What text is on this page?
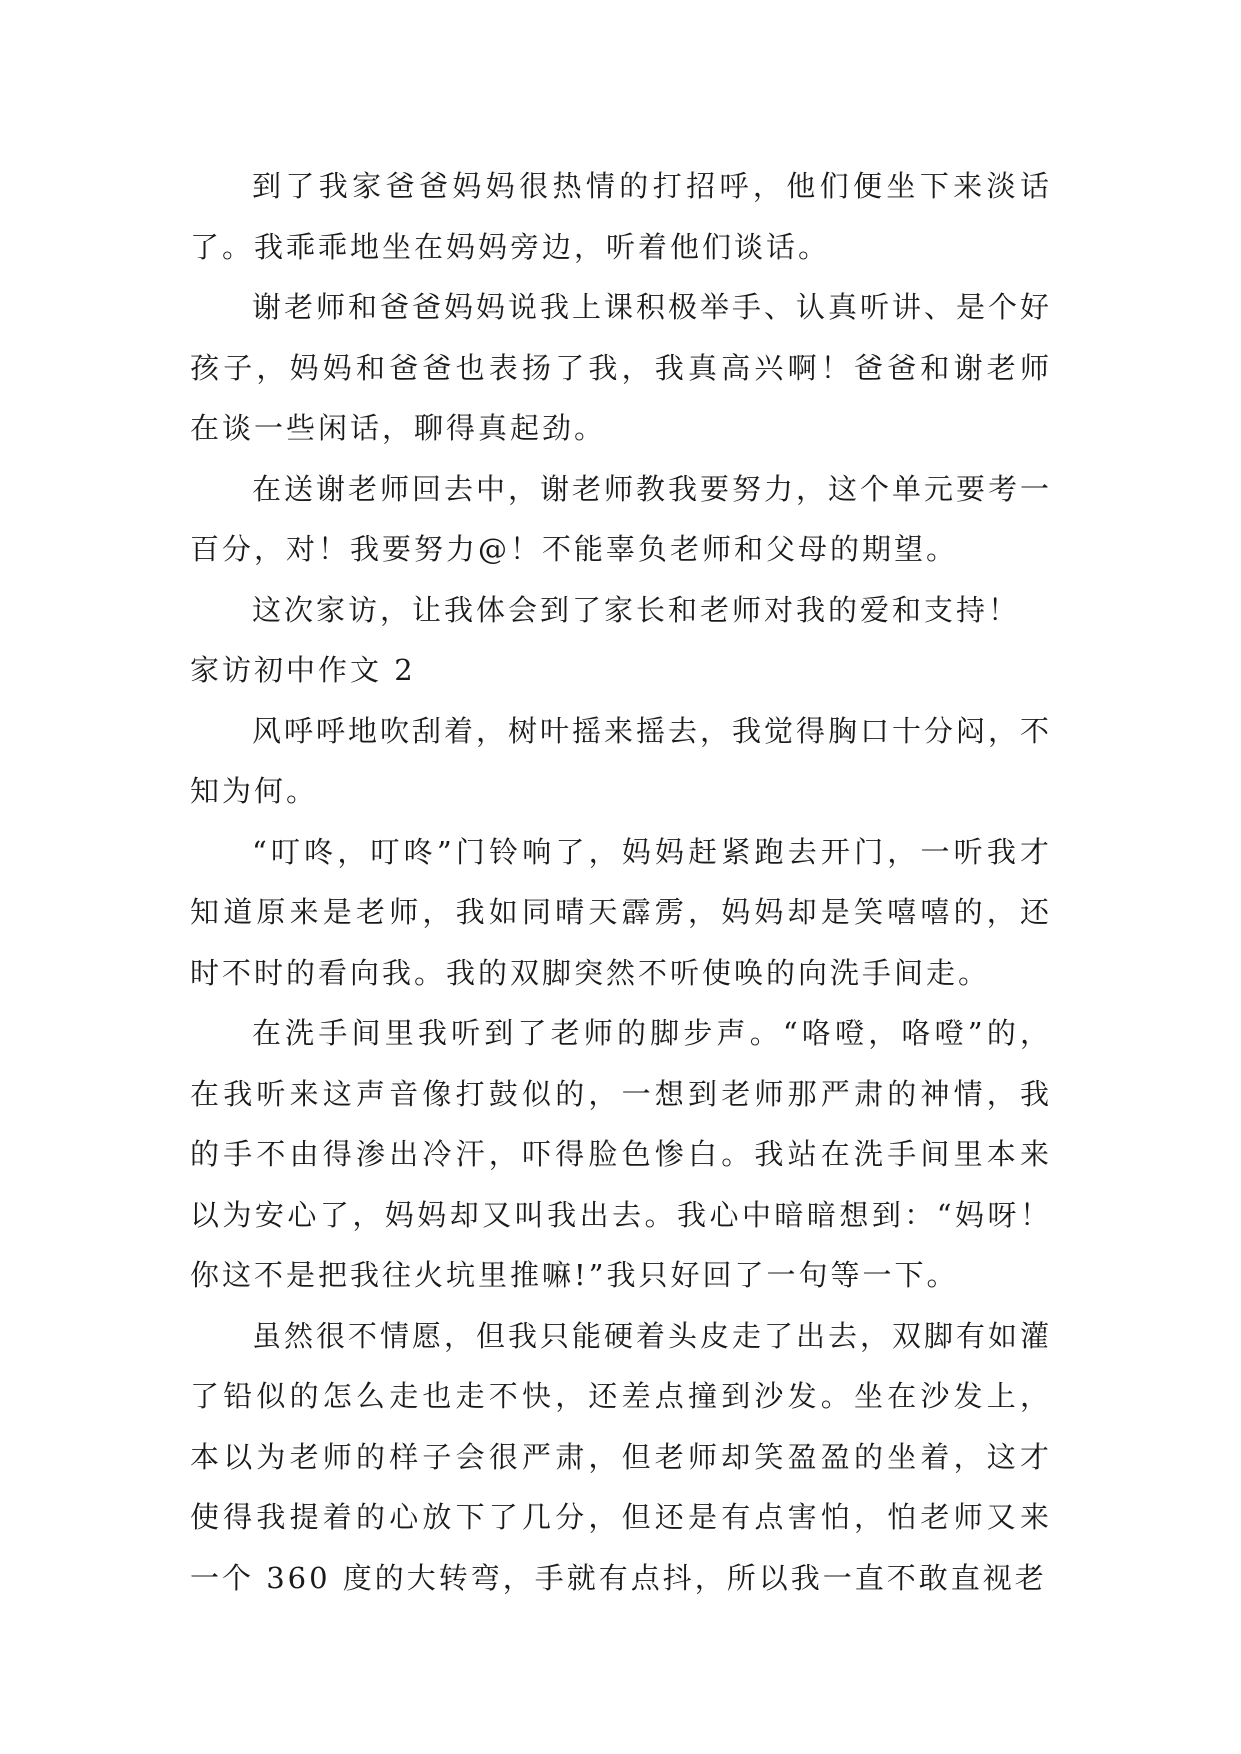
到了我家爸爸妈妈很热情的打招呼，他们便坐下来淡话了。我乖乖地坐在妈妈旁边，听着他们谈话。

谢老师和爸爸妈妈说我上课积极举手、认真听讲、是个好孩子，妈妈和爸爸也表扬了我，我真高兴啊！爸爸和谢老师在谈一些闲话，聊得真起劲。

在送谢老师回去中，谢老师教我要努力，这个单元要考一百分，对！我要努力@！不能辜负老师和父母的期望。

这次家访，让我体会到了家长和老师对我的爱和支持！

家访初中作文 2

风呼呼地吹刮着，树叶摇来摇去，我觉得胸口十分闷，不知为何。

“叮咚，叮咚”门铃响了，妈妈赶紧跑去开门，一听我才知道原来是老师，我如同晴天霹雳，妈妈却是笑嘻嘻的，还时不时的看向我。我的双脚突然不听使唤的向洗手间走。

在洗手间里我听到了老师的脚步声。“咯噔，咯噔”的，在我听来这声音像打鼓似的，一想到老师那严肃的神情，我的手不由得渗出冷汗，吓得脸色惨白。我站在洗手间里本来以为安心了，妈妈却又叫我出去。我心中暗暗想到：“妈呀！你这不是把我往火坑里推嘛!”我只好回了一句等一下。

虽然很不情愿，但我只能硬着头皮走了出去，双脚有如灌了铅似的怎么走也走不快，还差点撞到沙发。坐在沙发上，本以为老师的样子会很严肃，但老师却笑盈盈的坐着，这才使得我提着的心放下了几分，但还是有点害怕，怕老师又来一个 360 度的大转弯，手就有点抖，所以我一直不敢直视老
